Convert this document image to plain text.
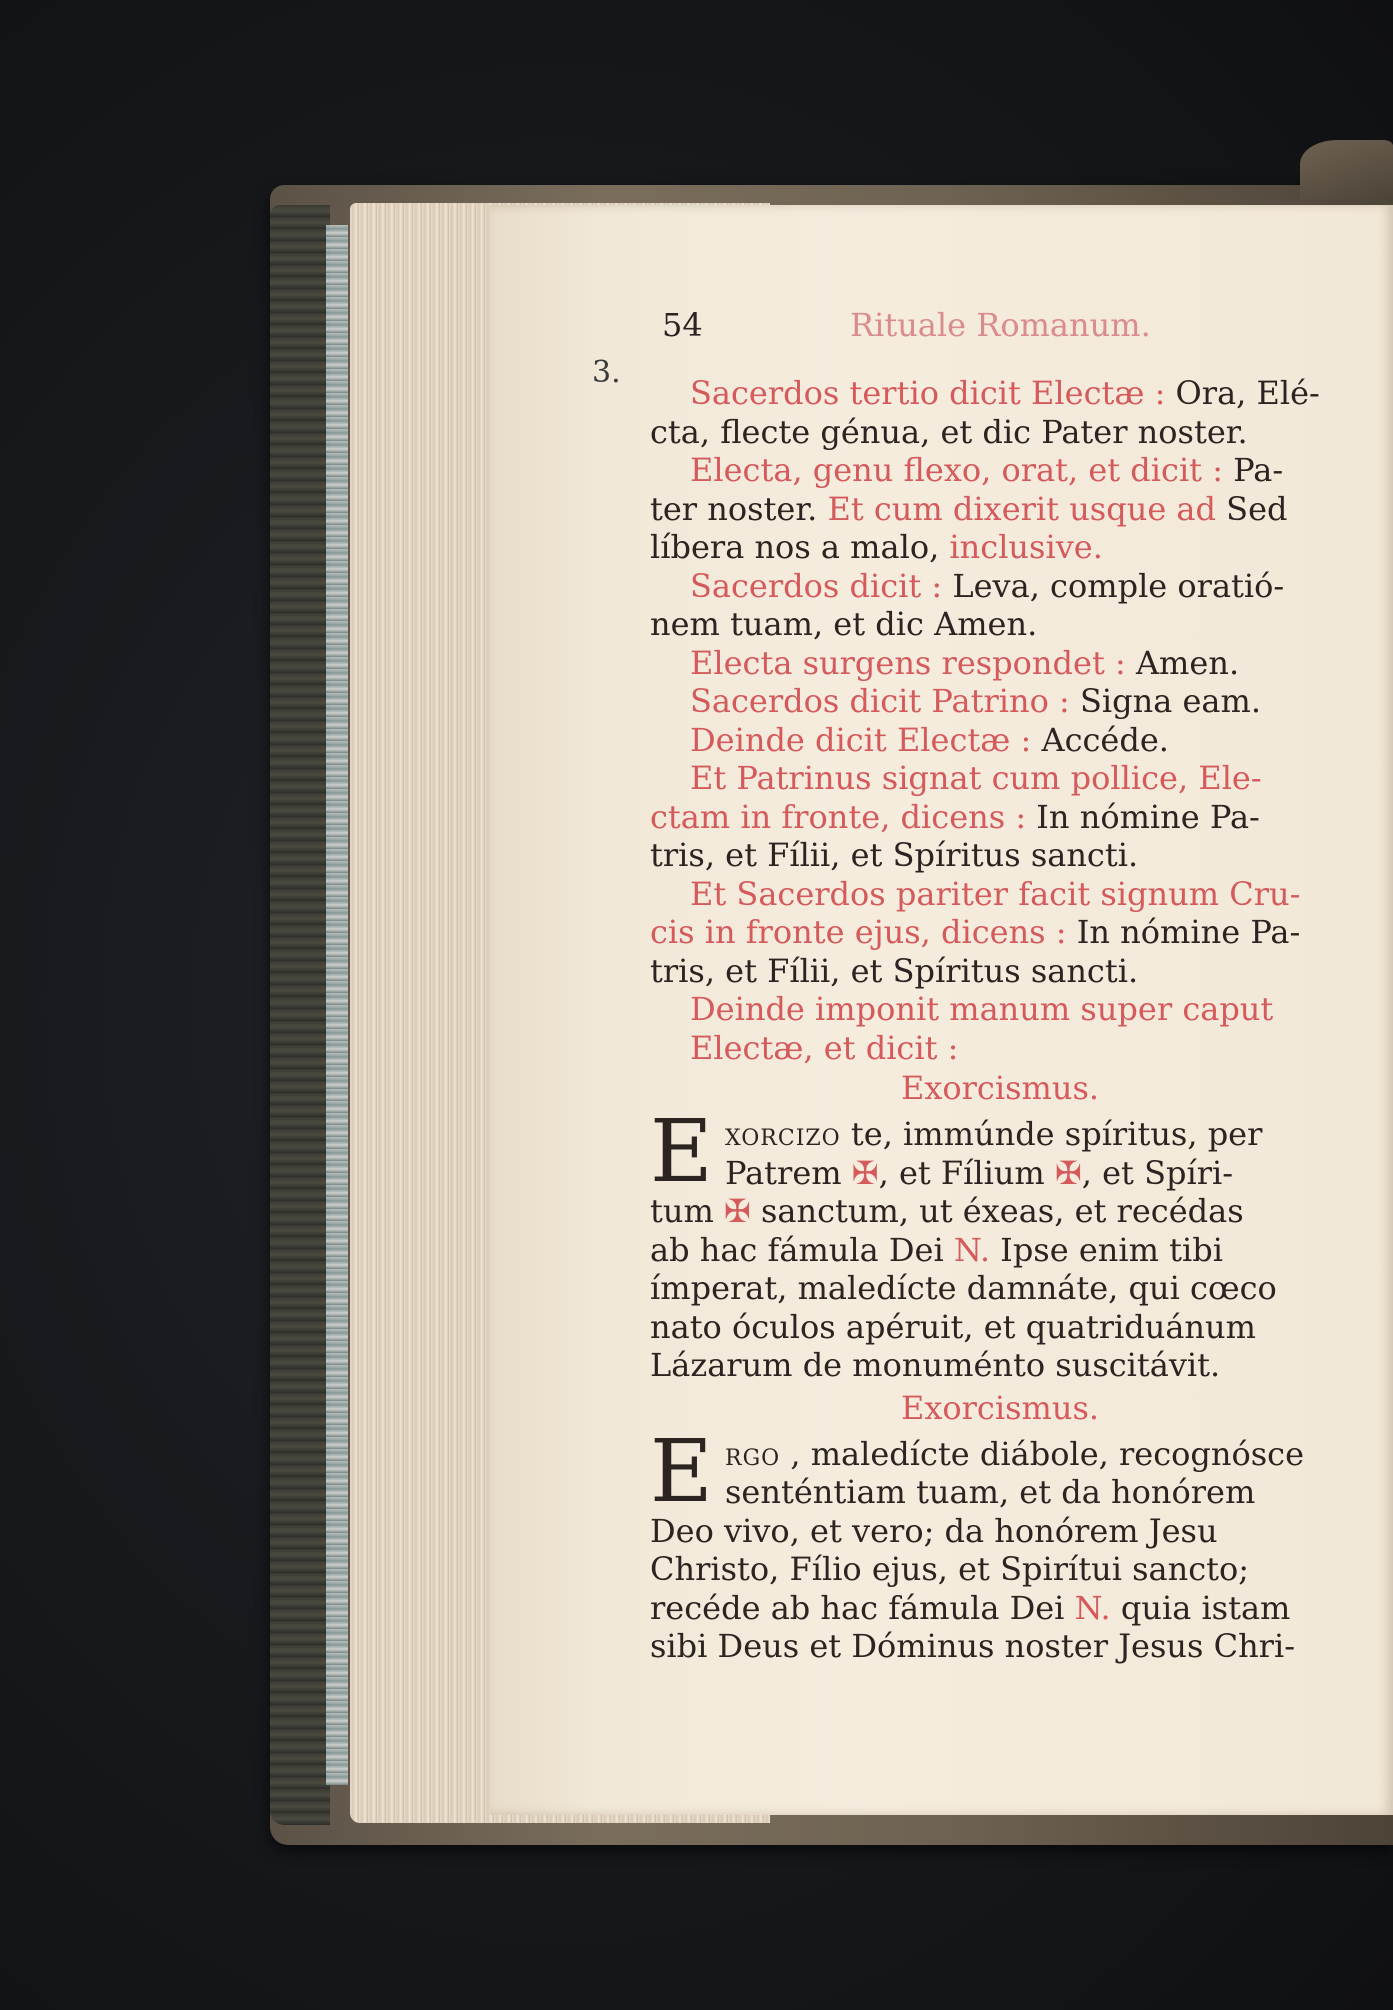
3.
54	Rituale Romanum.
Sacerdos tertio dicit Electæ : Ora, Elé-
cta, flecte génua, et dic Pater noster.
Electa, genu flexo, orat, et dicit : Pa-
ter noster. Et cum dixerit usque ad Sed
líbera nos a malo, inclusive.
Sacerdos dicit : Leva, comple oratió-
nem tuam, et dic Amen.
Electa surgens respondet : Amen.
Sacerdos dicit Patrino : Signa eam.
Deinde dicit Electæ : Accéde.
Et Patrinus signat cum pollice, Ele-
ctam in fronte, dicens : In nómine Pa-
tris, et Fílii, et Spíritus sancti.
Et Sacerdos pariter facit signum Cru-
cis in fronte ejus, dicens : In nómine Pa-
tris, et Fílii, et Spíritus sancti.
Deinde imponit manum super caput
Electæ, et dicit :
Exorcismus.
E XORCIZO te, immúnde spíritus, per
Patrem ✠, et Fílium ✠, et Spíri-
tum ✠ sanctum, ut éxeas, et recédas
ab hac fámula Dei N. Ipse enim tibi
ímperat, maledícte damnáte, qui cœco
nato óculos apéruit, et quatriduánum
Lázarum de monuménto suscitávit.
Exorcismus.
E RGO , maledícte diábole, recognósce
senténtiam tuam, et da honórem
Deo vivo, et vero; da honórem Jesu
Christo, Fílio ejus, et Spirítui sancto;
recéde ab hac fámula Dei N. quia istam
sibi Deus et Dóminus noster Jesus Chri-
